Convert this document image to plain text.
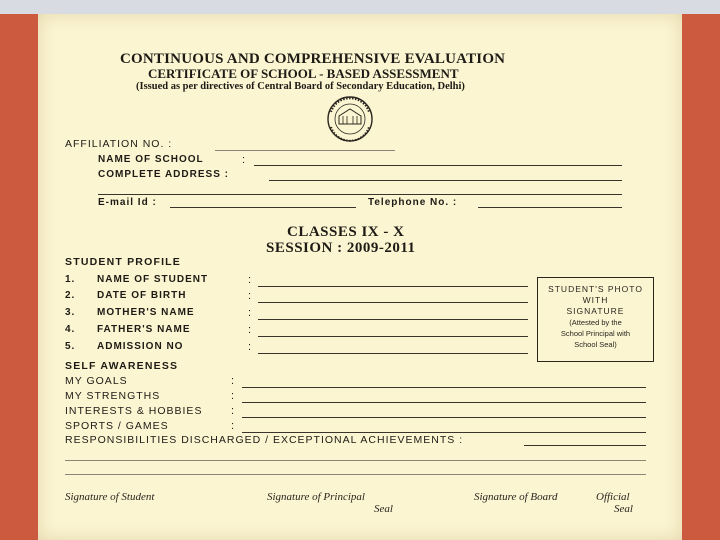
CONTINUOUS AND COMPREHENSIVE EVALUATION
CERTIFICATE OF SCHOOL - BASED ASSESSMENT
(Issued as per directives of Central Board of Secondary Education, Delhi)
AFFILIATION NO. :
NAME OF SCHOOL	:
COMPLETE ADDRESS :
E-mail Id :	Telephone No. :
CLASSES IX - X
SESSION : 2009-2011
STUDENT PROFILE
1. NAME OF STUDENT	:
2. DATE OF BIRTH	:
3. MOTHER'S NAME	:
4. FATHER'S NAME	:
5. ADMISSION NO	:
STUDENT'S PHOTO
WITH
SIGNATURE
(Attested by the
School Principal with
School Seal)
SELF AWARENESS
MY GOALS	:
MY STRENGTHS	:
INTERESTS & HOBBIES	:
SPORTS / GAMES	:
RESPONSIBILITIES DISCHARGED / EXCEPTIONAL ACHIEVEMENTS :
Signature of Student	Signature of Principal
Seal
Signature of Board	Official
Seal
